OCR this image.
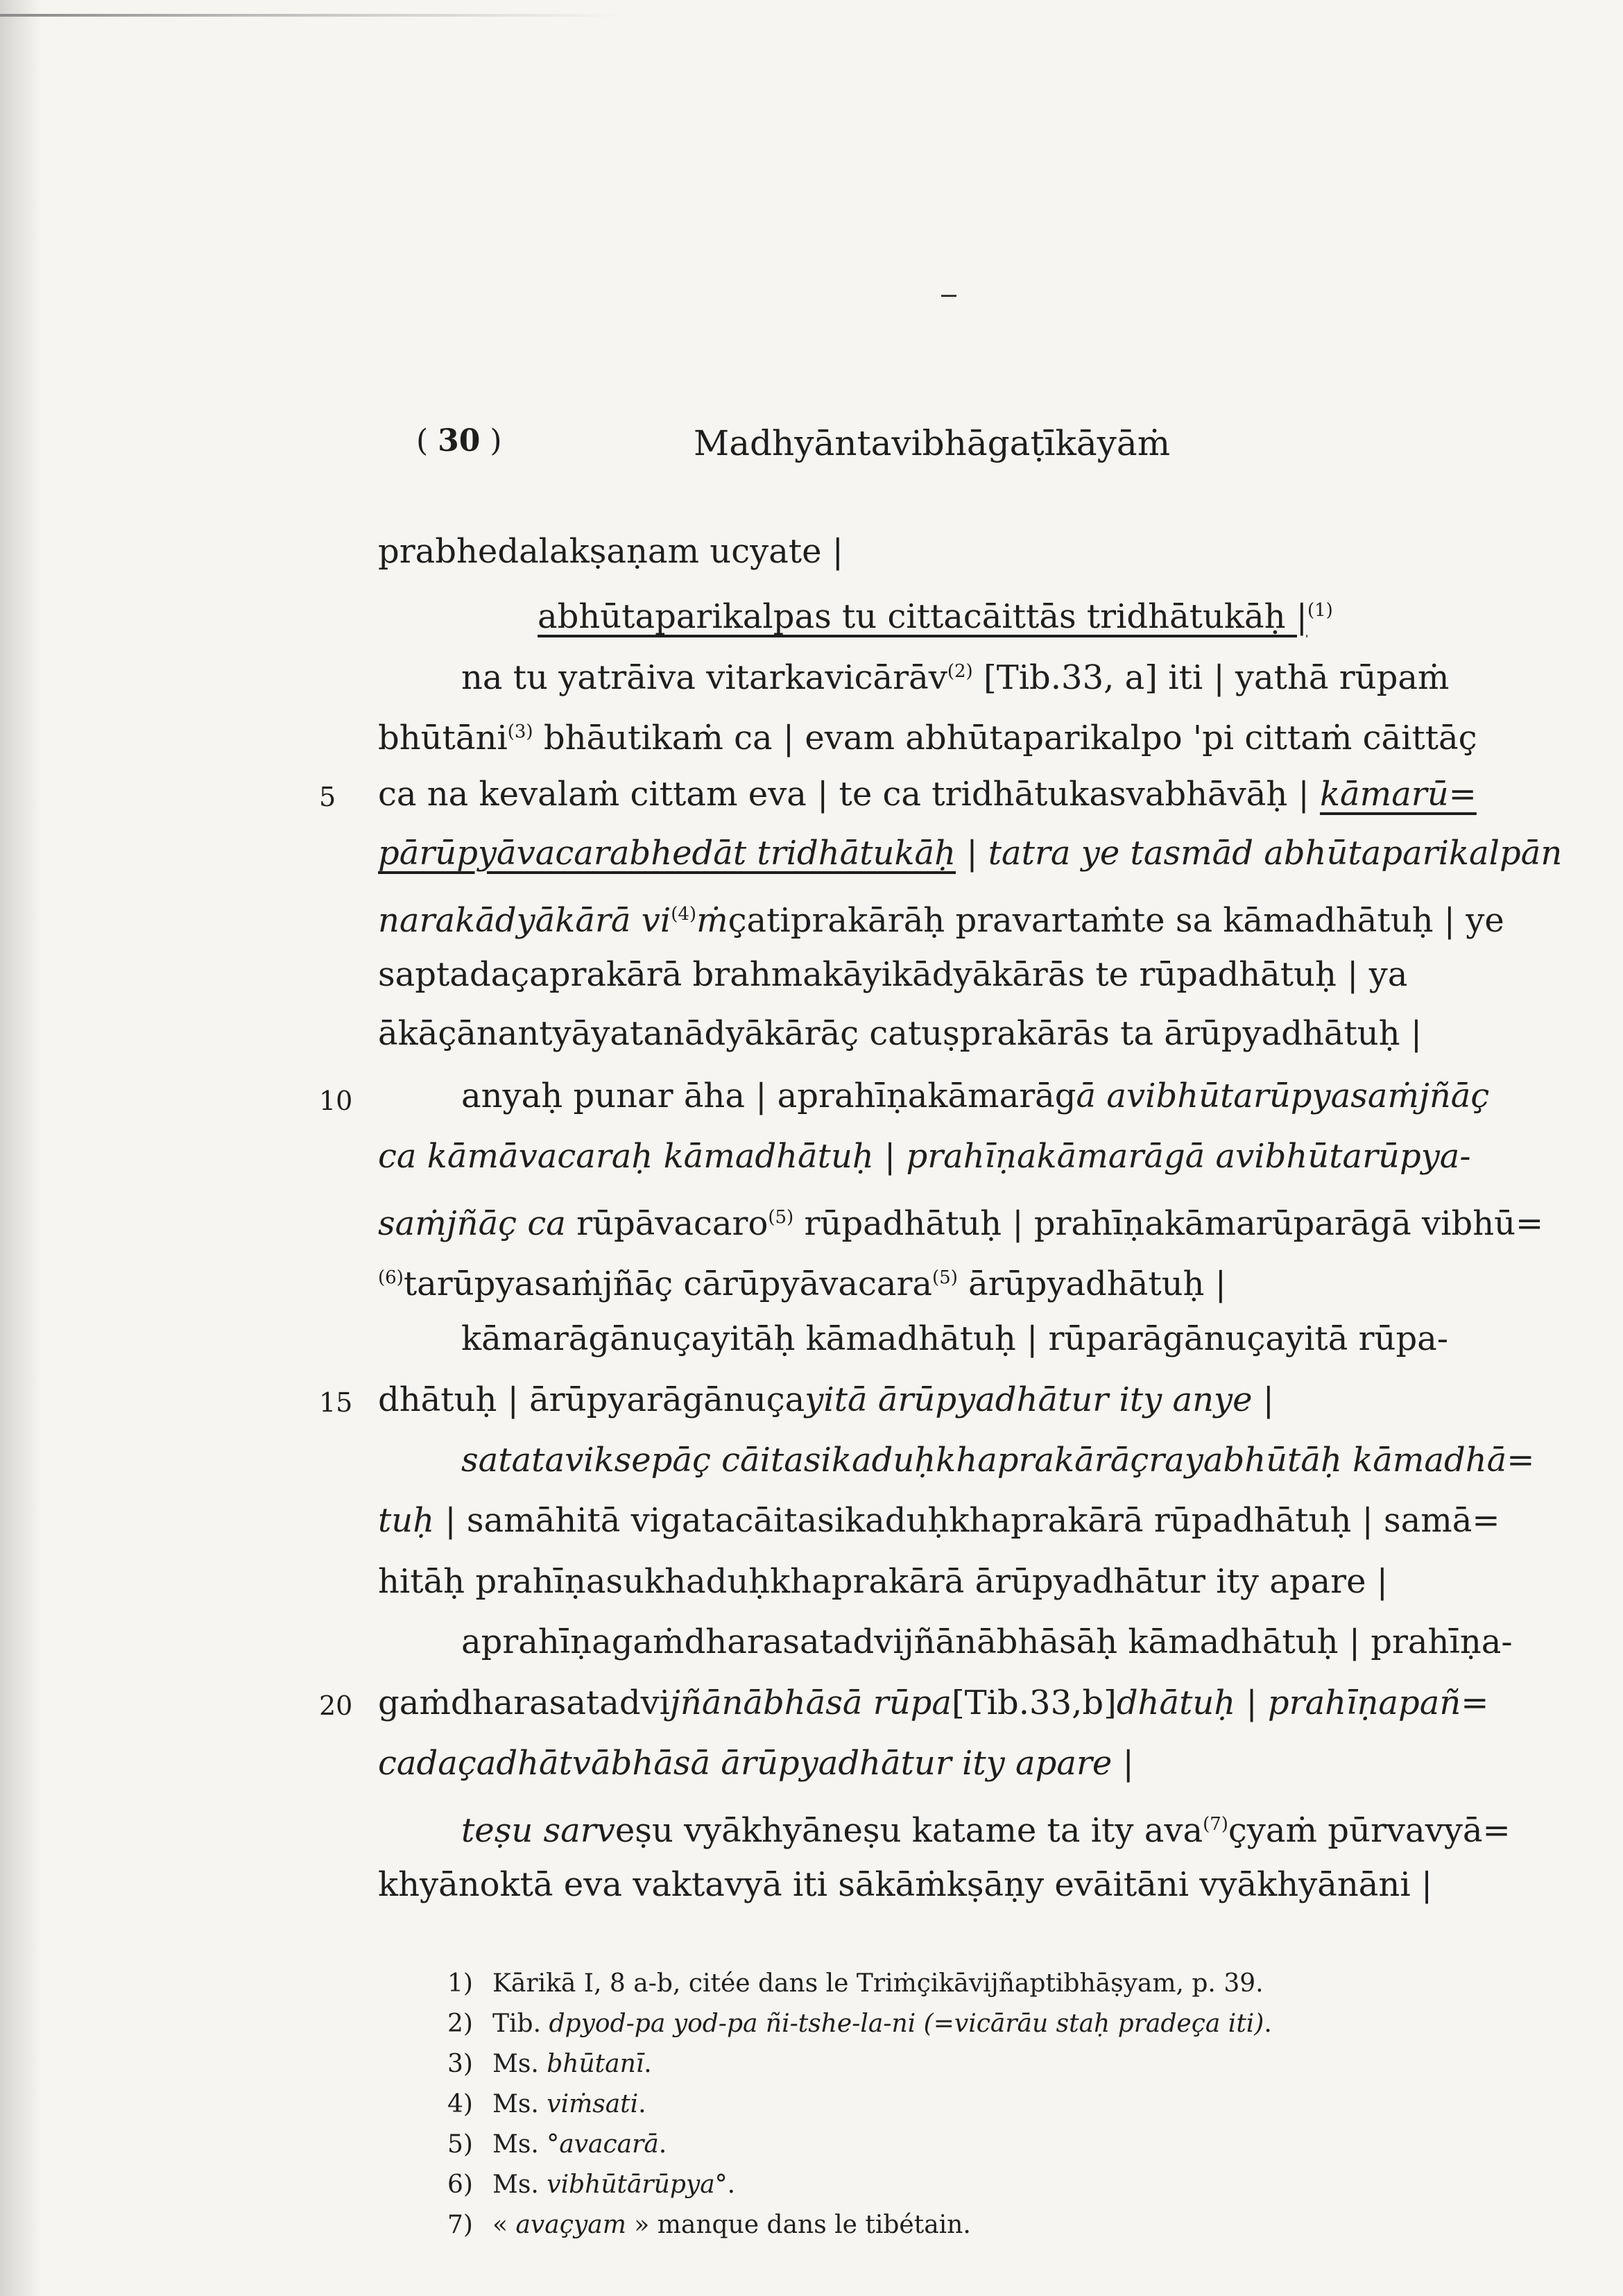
( 30 )	Madhyāntavibhāgaṭīkāyāṁ
prabhedalakṣaṇam ucyate |
abhūtaparikalpas tu cittacāittās tridhātukāḥ $|^{(1)}$
na tu yatrāiva vitarkavicārāv$^{(2)}$ [Tib.33, a] iti | yathā rūpaṁ
bhūtāni$^{(3)}$ bhāutikaṁ ca | evam abhūtaparikalpo 'pi cittaṁ cāittāç
5 ca na kevalaṁ cittam eva | te ca tridhātukasvabhāvāḥ | kāmarū=
pārūpyāvacarabhedāt tridhātukāḥ | tatra ye tasmād abhūtaparikalpān
narakādyākārā $vi^{(4)}ṁçatiprakārāḥ$ pravartaṁte sa kāmadhātuḥ | ye
saptadaçaprakārā brahmakāyikādyākārās te rūpadhātuḥ | ya
ākāçānantyāyatanādyākārāç catuṣprakārās ta ārūpyadhātuḥ |
10	anyaḥ punar āha | aprahīṇakāmarāgā avibhūtarūpyasaṁjñāç
ca kāmāvacaraḥ kāmadhātuḥ | prahīṇakāmarāgā avibhūtarūpya-
saṁjñāç ca rūpāvacaro$^{(5)}$ rūpadhātuḥ | prahīṇakāmarūparāgā vibhū=
$^{(6)}$tarūpyasaṁjñāç cārūpyāvacara$^{(5)}$ ārūpyadhātuḥ |
kāmarāgānuçayitāḥ kāmadhātuḥ | rūparāgānuçayitā rūpa-
15 dhātuḥ | ārūpyarāgānuçayitā ārūpyadhātur ity anye |
satataviksepāç cāitasikaduḥkhaprakārāçrayabhūtāḥ kāmadhā=
tuḥ | samāhitā vigatacāitasikaduḥkhaprakārā rūpadhātuḥ | samā=
hitāḥ prahīṇasukhaduḥkhaprakārā ārūpyadhātur ity apare |
aprahīṇagaṁdharasatadvijñānābhāsāḥ kāmadhātuḥ | prahīṇa-
20 gaṁdharasatadvijñānābhāsā rūpa[Tib.33,b]dhātuḥ | prahīṇapañ=
cadaçadhātvābhāsā ārūpyadhātur ity apare |
teṣu sarveṣu vyākhyāneṣu katame ta ity ava$^{(7)}$çyaṁ pūrvavyā=
khyānoktā eva vaktavyā iti sākāṁkṣāṇy evāitāni vyākhyānāni |
1) Kārikā I, 8 a-b, citée dans le Triṁçikāvijñaptibhāṣyam, p. 39.
2) Tib. dpyod-pa yod-pa ñi-tshe-la-ni (=vicārāu staḥ pradeça iti).
3) Ms. bhūtanī.
4) Ms. viṁsati.
5) Ms. °avacarā.
6) Ms. vibhūtārūpya°.
7) « avaçyam » manque dans le tibétain.
